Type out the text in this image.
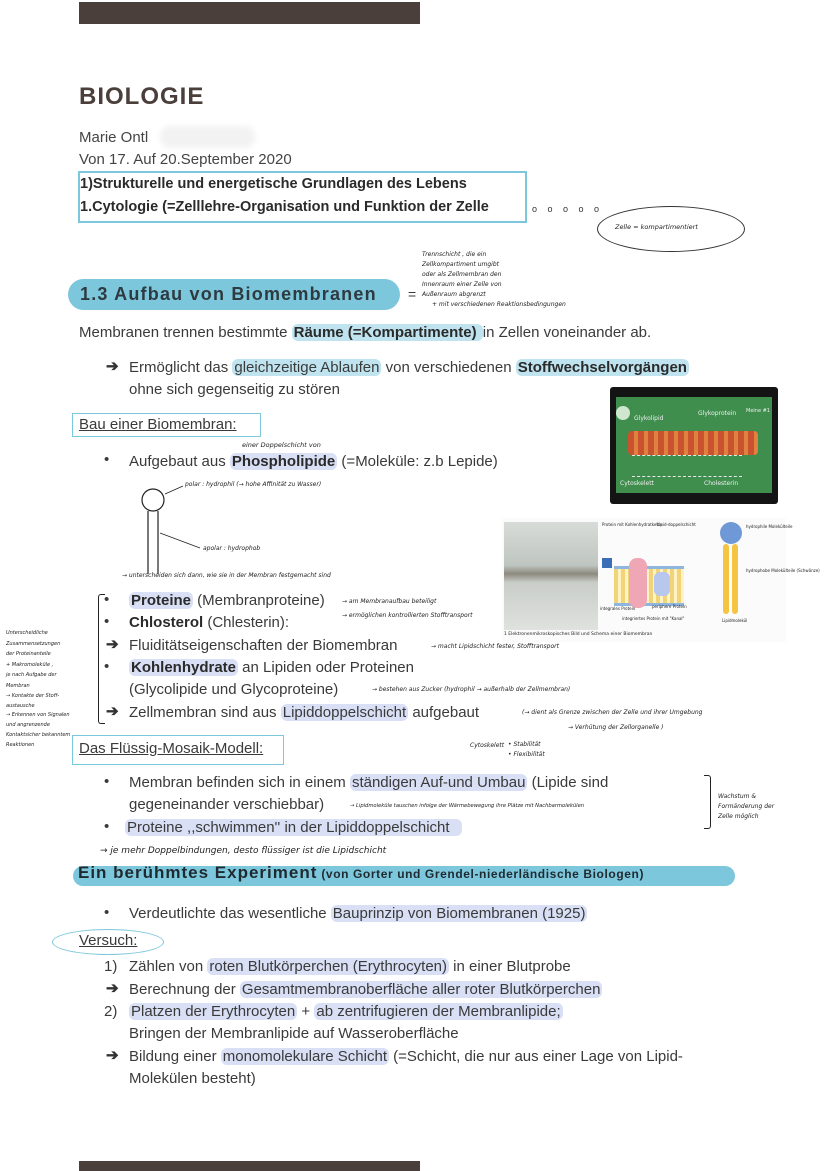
BIOLOGIE
Marie Ontl
Von 17. Auf 20.September 2020
1)Strukturelle und energetische Grundlagen des Lebens
1.Cytologie (=Zelllehre-Organisation und Funktion der Zelle	o o o o o
Zelle = kompartimentiert
1.3 Aufbau von Biomembranen =
Trennschicht , die ein
Zellkompartiment umgibt
oder als Zellmembran den
Innenraum einer Zelle von
Außenraum abgrenzt
+ mit verschiedenen Reaktionsbedingungen
Membranen trennen bestimmte Räume (=Kompartimente) in Zellen voneinander ab.
➔ Ermöglicht das gleichzeitige Ablaufen von verschiedenen Stoffwechselvorgängen
ohne sich gegenseitig zu stören
Bau einer Biomembran:
einer Doppelschicht von
• Aufgebaut aus Phospholipide (=Moleküle: z.b Lepide)
polar : hydrophil (→ hohe Affinität zu Wasser)
apolar : hydrophob
Glykolipid
Glykoprotein
Cytoskelett	Cholesterin
Meine #1
Protein mit Kohlenhydratkette
Lipid-doppelschicht
integrales Protein	periphere Protein
integriertes Protein mit "Kanal"
hydrophile Molekülteile
hydrophobe Molekülteile (Schwänze)
Lipidmolekül
1 Elektronenmikroskopisches Bild und Schema einer Biomembran
→ unterscheiden sich dann, wie sie in der Membran festgemacht sind
• Proteine (Membranproteine)	→ am Membranaufbau beteiligt
→ ermöglichen kontrollierten Stofftransport
• Chlosterol (Chlesterin):
➔ Fluiditätseigenschaften der Biomembran	→ macht Lipidschicht fester, Stofftransport
• Kohlenhydrate an Lipiden oder Proteinen
(Glycolipide und Glycoproteine)	→ bestehen aus Zucker (hydrophil → außerhalb der Zellmembran)
➔ Zellmembran sind aus Lipiddoppelschicht aufgebaut	(→ dient als Grenze zwischen der Zelle und ihrer Umgebung
→ Verhütung der Zellorganelle )
Unterscheidliche
Zusammensetzungen
der Proteinanteile
+ Makromoleküle ,
je nach Aufgabe der
Membran
→ Kontakte der Stoff-
austausche
→ Erkennen von Signalen
und angrenzende
Kontaktsicher bekanntem
Reaktionen	Das Flüssig-Mosaik-Modell:	• Stabilität
Cytoskelett
• Flexibilität
• Membran befinden sich in einem ständigen Auf-und Umbau (Lipide sind
gegeneinander verschiebbar)	→ Lipidmoleküle tauschen infolge der Wärmebewegung ihre Plätze mit Nachbarmolekülen
• Proteine ,,schwimmen'' in der Lipiddoppelschicht
Wachstum &
Formänderung der
Zelle möglich
→ je mehr Doppelbindungen, desto flüssiger ist die Lipidschicht
Ein berühmtes Experiment (von Gorter und Grendel-niederländische Biologen)
• Verdeutlichte das wesentliche Bauprinzip von Biomembranen (1925)
Versuch:
1) Zählen von roten Blutkörperchen (Erythrocyten) in einer Blutprobe
➔ Berechnung der Gesamtmembranoberfläche aller roter Blutkörperchen
2) Platzen der Erythrocyten + ab zentrifugieren der Membranlipide;
Bringen der Membranlipide auf Wasseroberfläche
➔ Bildung einer monomolekulare Schicht (=Schicht, die nur aus einer Lage von Lipid-
Molekülen besteht)
